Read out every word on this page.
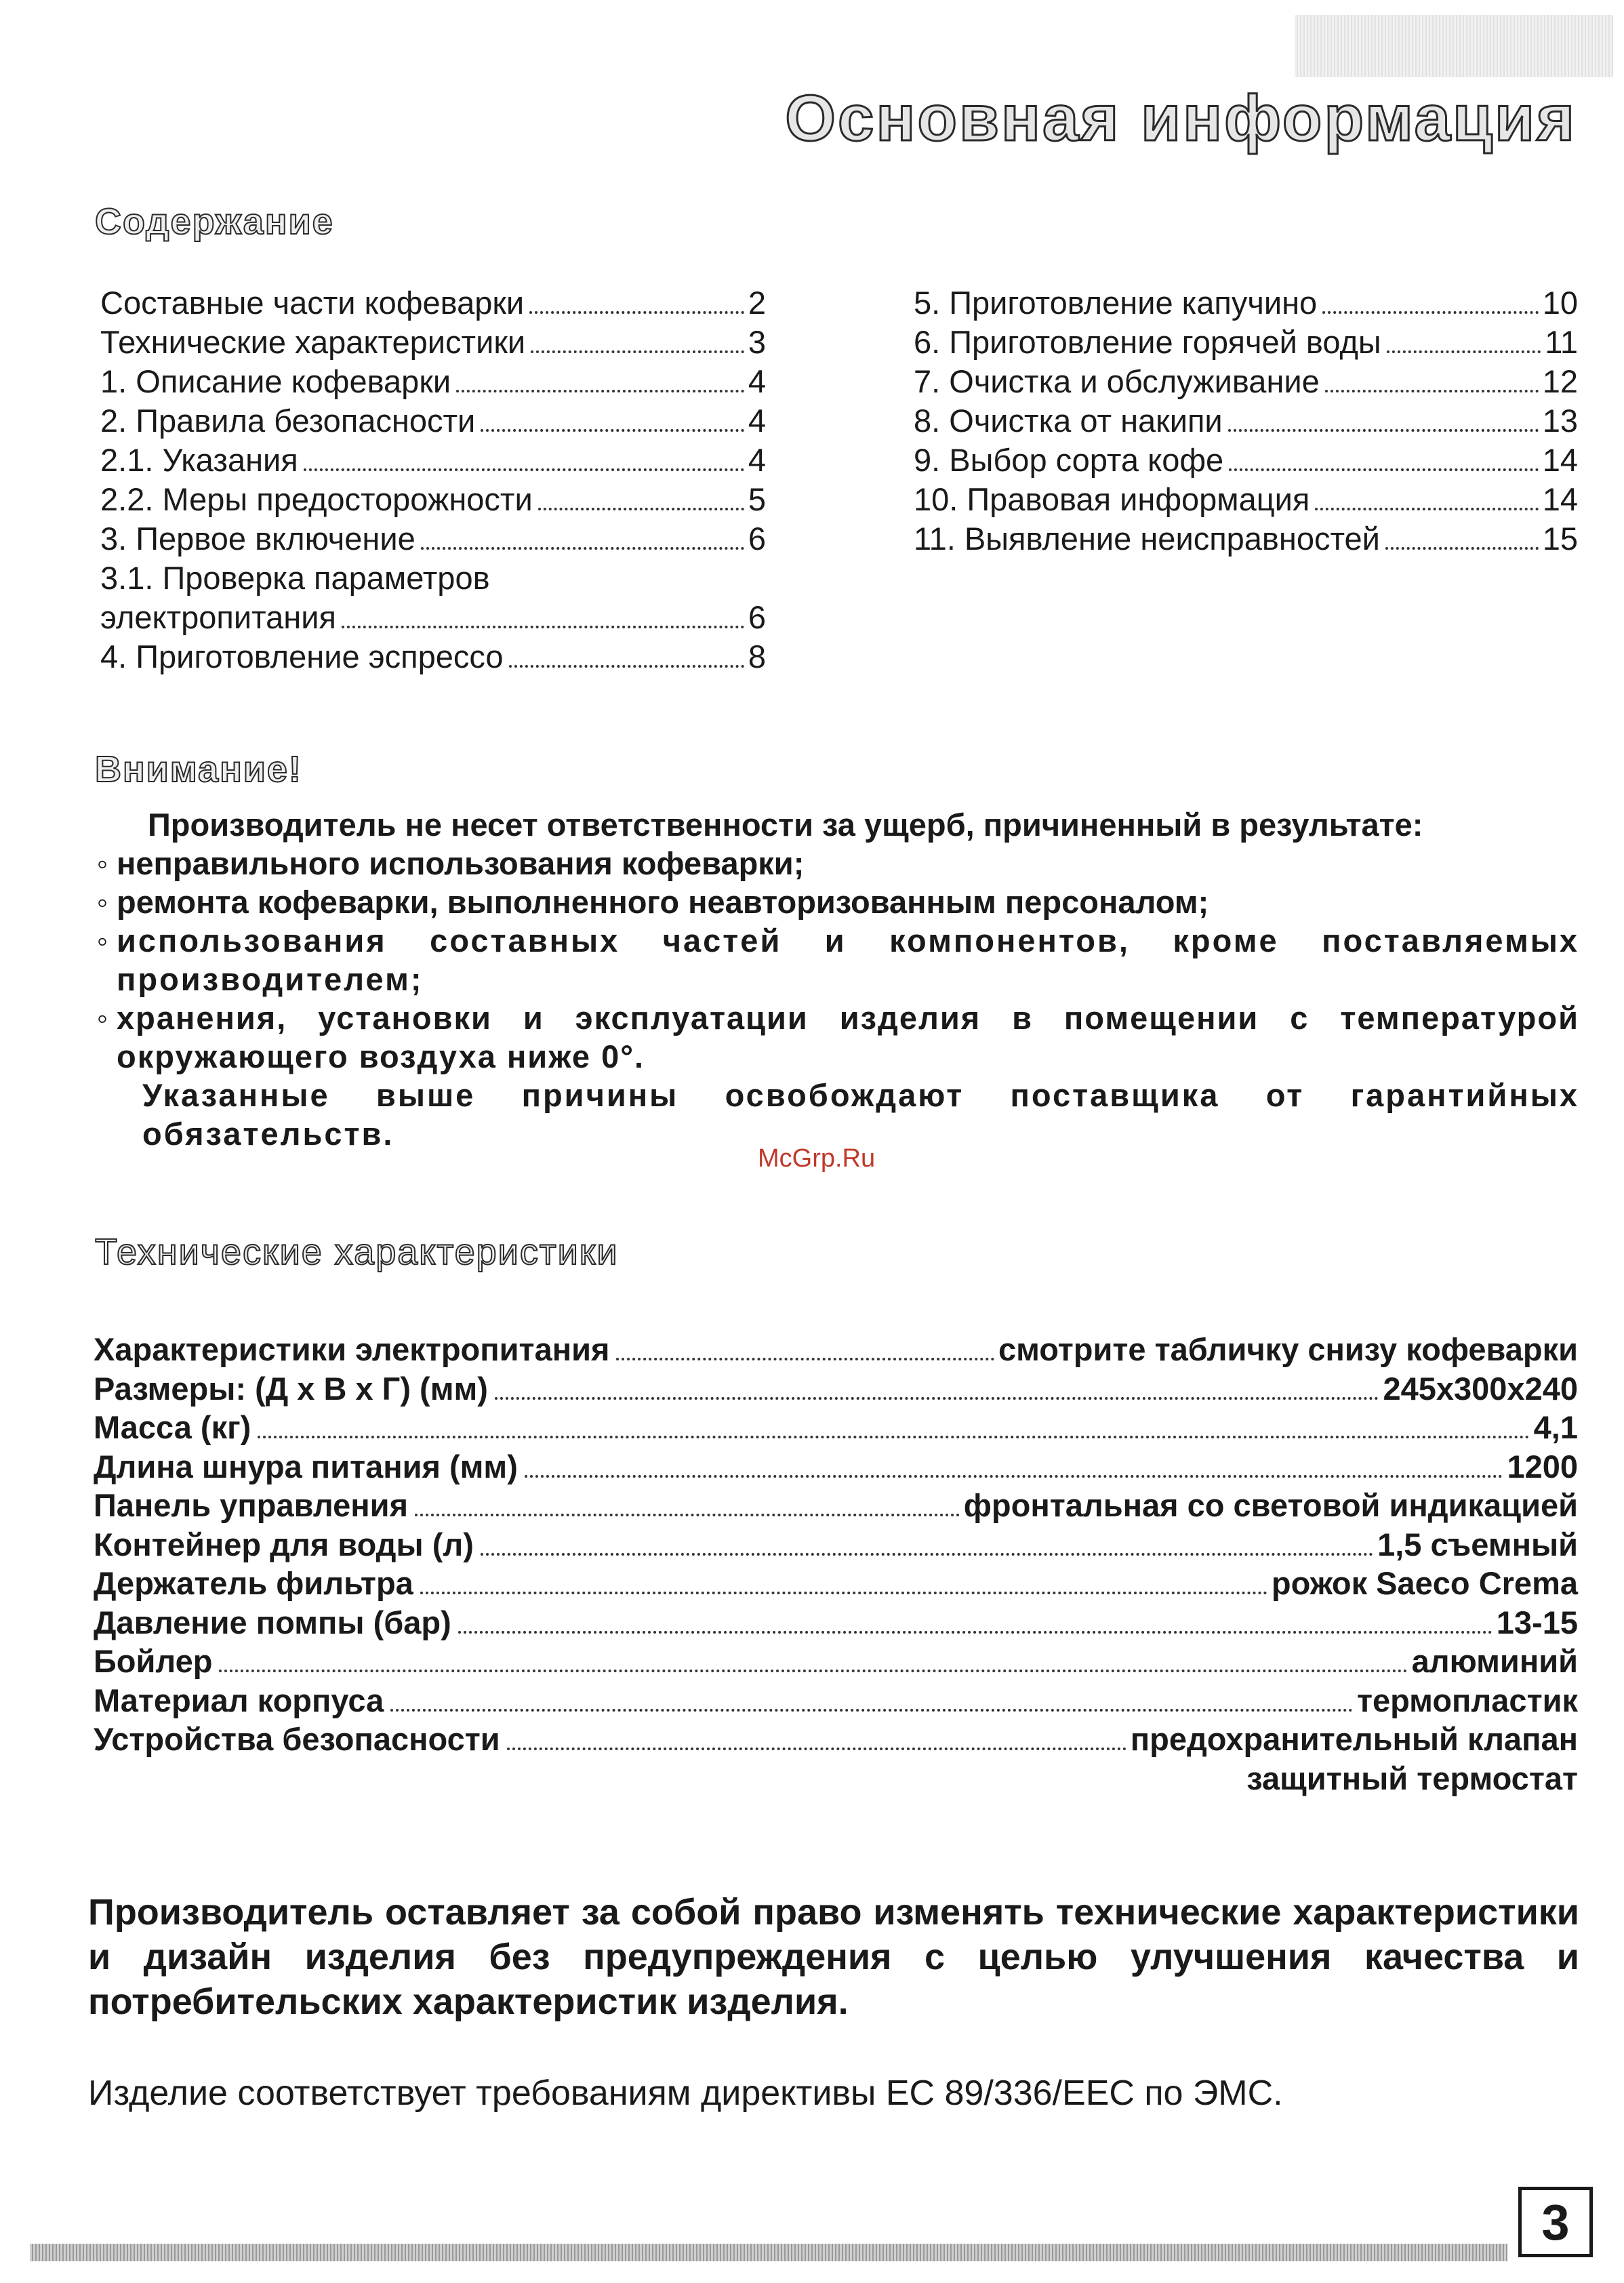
Основная информация
Содержание
Составные части кофеварки	2
Технические характеристики	3
1. Описание кофеварки	4
2. Правила безопасности	4
2.1. Указания	4
2.2. Меры предосторожности	5
3. Первое включение	6
3.1. Проверка параметров
электропитания	6
4. Приготовление эспрессо	8
5. Приготовление капучино	10
6. Приготовление горячей воды	11
7. Очистка и обслуживание	12
8. Очистка от накипи	13
9. Выбор сорта кофе	14
10. Правовая информация	14
11. Выявление неисправностей	15
Внимание!
Производитель не несет ответственности за ущерб, причиненный в результате:
◦ неправильного использования кофеварки;
◦ ремонта кофеварки, выполненного неавторизованным персоналом;
◦ использования составных частей и компонентов, кроме поставляемых производителем;
◦ хранения, установки и эксплуатации изделия в помещении с температурой окружающего воздуха ниже 0°.
Указанные выше причины освобождают поставщика от гарантийных обязательств.
McGrp.Ru
Технические характеристики
Характеристики электропитания	смотрите табличку снизу кофеварки
Размеры: (Д х В х Г) (мм)	245х300х240
Масса (кг)	4,1
Длина шнура питания (мм)	1200
Панель управления	фронтальная со световой индикацией
Контейнер для воды (л)	1,5 съемный
Держатель фильтра	рожок Saeco Crema
Давление помпы (бар)	13-15
Бойлер	алюминий
Материал корпуса	термопластик
Устройства безопасности	предохранительный клапан
защитный термостат
Производитель оставляет за собой право изменять технические характеристики и дизайн изделия без предупреждения с целью улучшения качества и потребительских характеристик изделия.
Изделие соответствует требованиям директивы ЕС 89/336/ЕЕС по ЭМС.
3
